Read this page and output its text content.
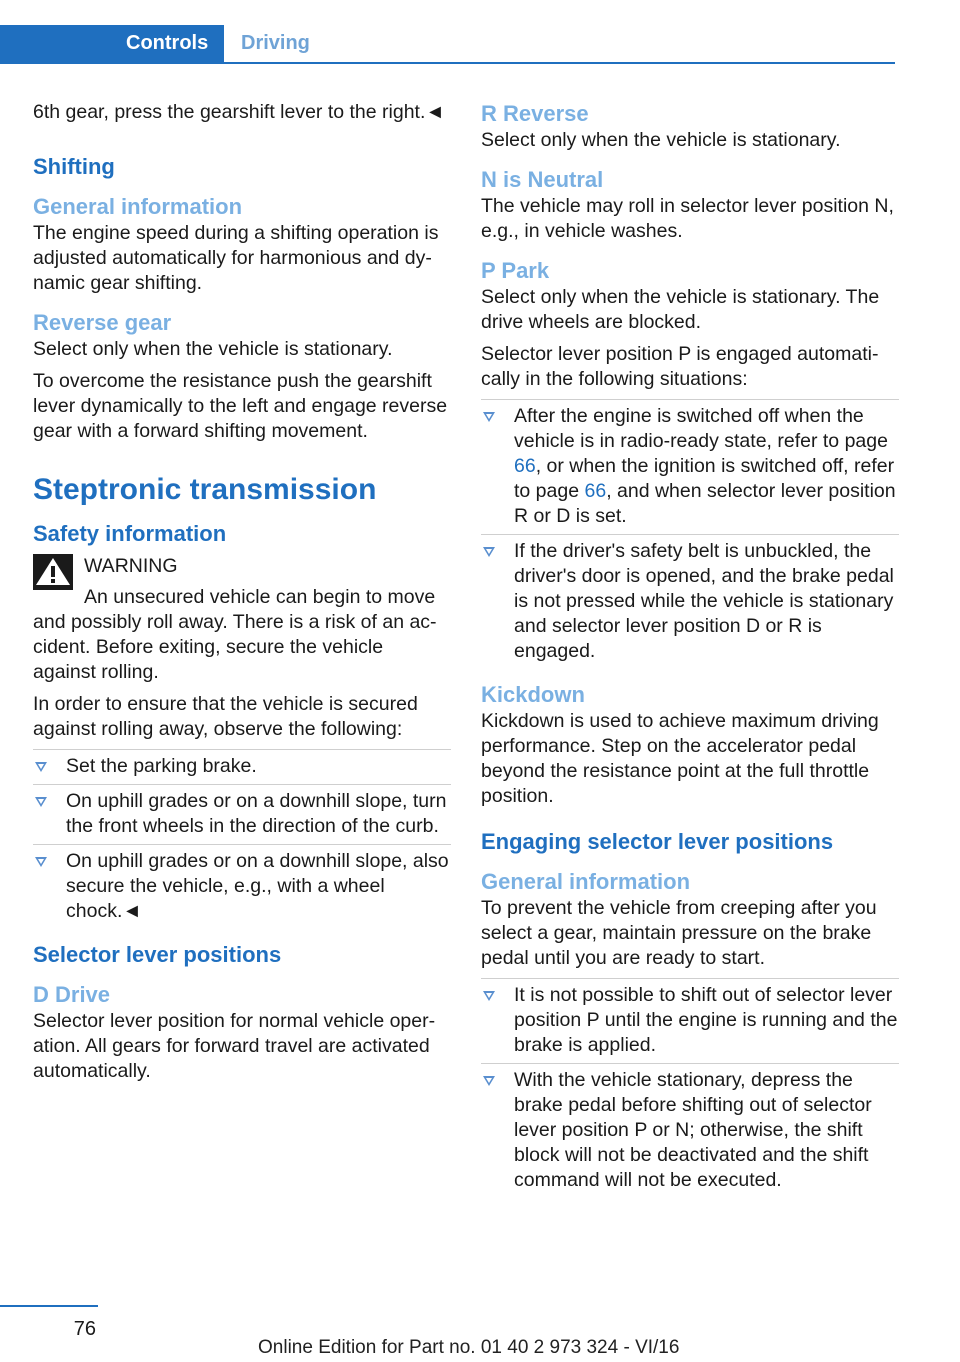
Controls Driving

6th gear, press the gearshift lever to the right.◄

Shifting
General information

The engine speed during a shifting operation is adjusted automatically for harmonious and dynamic gear shifting.

Reverse gear

Select only when the vehicle is stationary.

To overcome the resistance push the gearshift lever dynamically to the left and engage reverse gear with a forward shifting movement.

Steptronic transmission
Safety information
WARNING

An unsecured vehicle can begin to move and possibly roll away. There is a risk of an accident. Before exiting, secure the vehicle against rolling.

In order to ensure that the vehicle is secured against rolling away, observe the following:

Set the parking brake.
On uphill grades or on a downhill slope, turn the front wheels in the direction of the curb.
On uphill grades or on a downhill slope, also secure the vehicle, e.g., with a wheel chock.◄
Selector lever positions
D Drive

Selector lever position for normal vehicle operation. All gears for forward travel are activated automatically.

R Reverse

Select only when the vehicle is stationary.

N is Neutral

The vehicle may roll in selector lever position N, e.g., in vehicle washes.

P Park

Select only when the vehicle is stationary. The drive wheels are blocked.

Selector lever position P is engaged automatically in the following situations:

After the engine is switched off when the vehicle is in radio-ready state, refer to page 66, or when the ignition is switched off, refer to page 66, and when selector lever position R or D is set.
If the driver's safety belt is unbuckled, the driver's door is opened, and the brake pedal is not pressed while the vehicle is stationary and selector lever position D or R is engaged.
Kickdown

Kickdown is used to achieve maximum driving performance. Step on the accelerator pedal beyond the resistance point at the full throttle position.

Engaging selector lever positions
General information

To prevent the vehicle from creeping after you select a gear, maintain pressure on the brake pedal until you are ready to start.

It is not possible to shift out of selector lever position P until the engine is running and the brake is applied.
With the vehicle stationary, depress the brake pedal before shifting out of selector lever position P or N; otherwise, the shift block will not be deactivated and the shift command will not be executed.
76
Online Edition for Part no. 01 40 2 973 324 - VI/16
